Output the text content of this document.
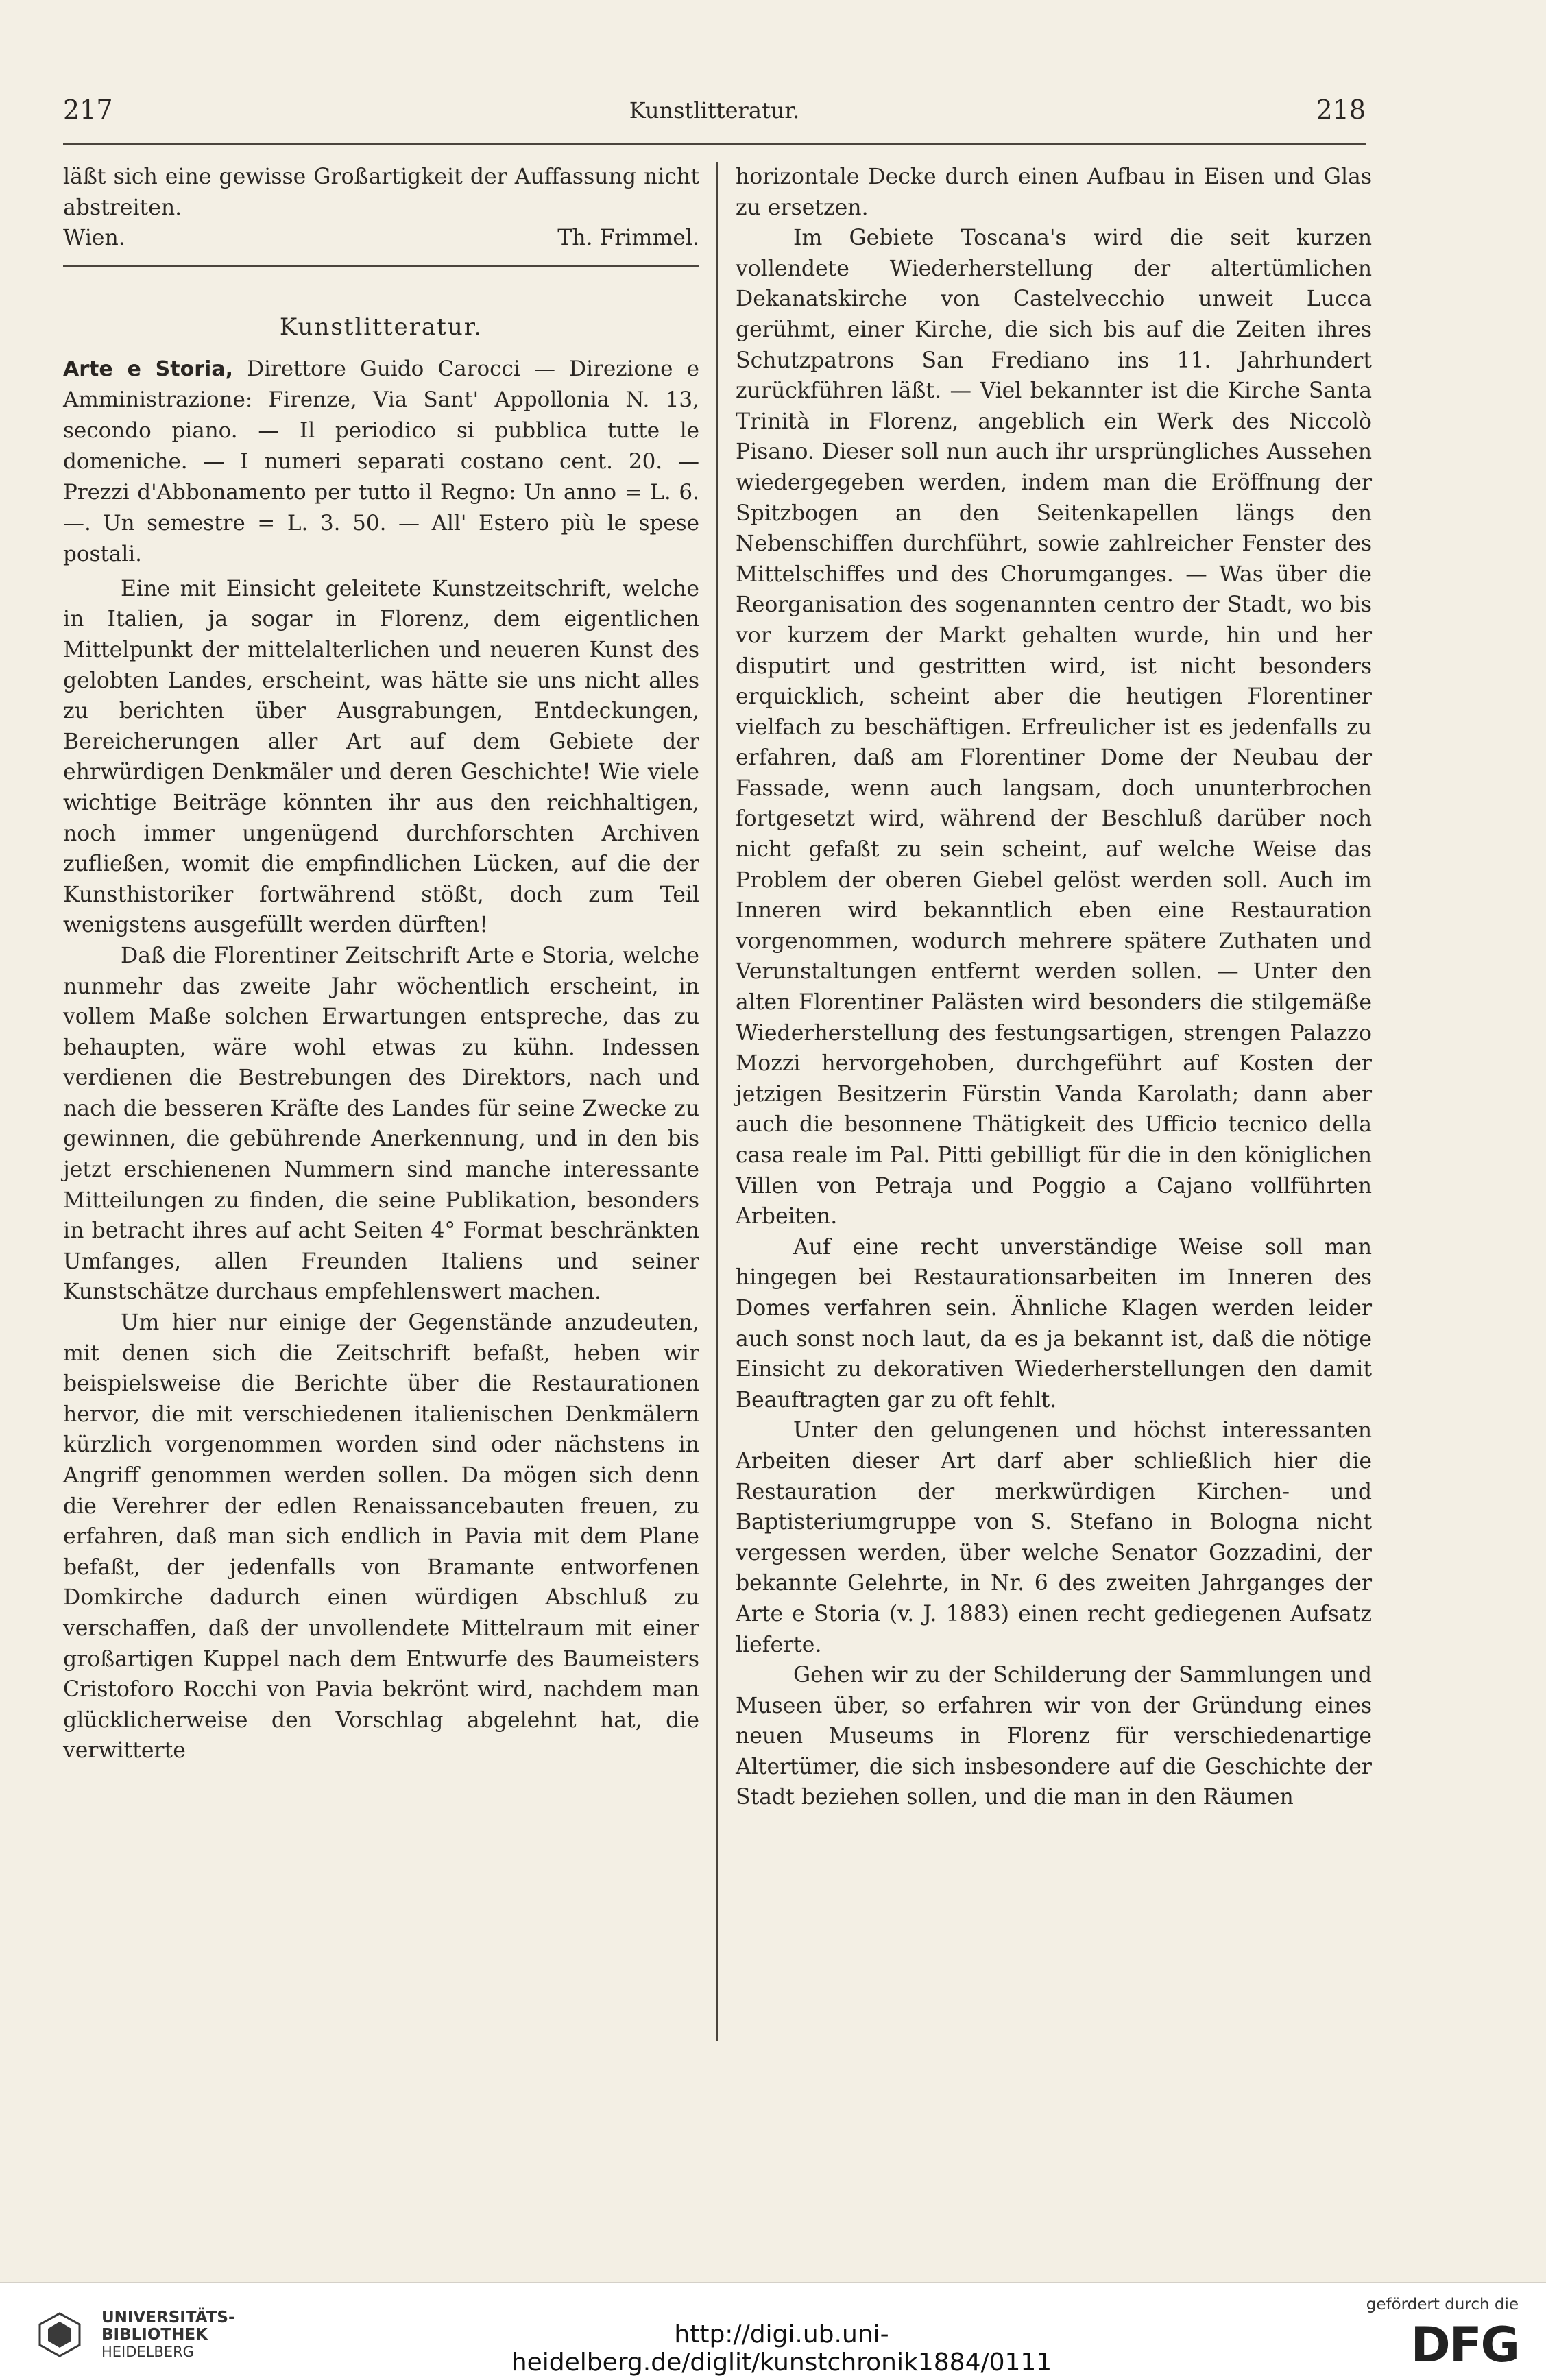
217	Kunstlitteratur.	218

läßt sich eine gewisse Großartigkeit der Auffassung nicht abstreiten.

Wien.	Th. Frimmel.
Kunstlitteratur.
Arte e Storia, Direttore Guido Carocci — Direzione e Amministrazione: Firenze, Via Sant' Appollonia N. 13, secondo piano. — Il periodico si pubblica tutte le domeniche. — I numeri separati costano cent. 20. — Prezzi d'Abbonamento per tutto il Regno: Un anno = L. 6. —. Un semestre = L. 3. 50. — All' Estero più le spese postali.

Eine mit Einsicht geleitete Kunstzeitschrift, welche in Italien, ja sogar in Florenz, dem eigentlichen Mittelpunkt der mittelalterlichen und neueren Kunst des gelobten Landes, erscheint, was hätte sie uns nicht alles zu berichten über Ausgrabungen, Entdeckungen, Bereicherungen aller Art auf dem Gebiete der ehrwürdigen Denkmäler und deren Geschichte! Wie viele wichtige Beiträge könnten ihr aus den reichhaltigen, noch immer ungenügend durchforschten Archiven zufließen, womit die empfindlichen Lücken, auf die der Kunsthistoriker fortwährend stößt, doch zum Teil wenigstens ausgefüllt werden dürften!

Daß die Florentiner Zeitschrift Arte e Storia, welche nunmehr das zweite Jahr wöchentlich erscheint, in vollem Maße solchen Erwartungen entspreche, das zu behaupten, wäre wohl etwas zu kühn. Indessen verdienen die Bestrebungen des Direktors, nach und nach die besseren Kräfte des Landes für seine Zwecke zu gewinnen, die gebührende Anerkennung, und in den bis jetzt erschienenen Nummern sind manche interessante Mitteilungen zu finden, die seine Publikation, besonders in betracht ihres auf acht Seiten 4° Format beschränkten Umfanges, allen Freunden Italiens und seiner Kunstschätze durchaus empfehlenswert machen.

Um hier nur einige der Gegenstände anzudeuten, mit denen sich die Zeitschrift befaßt, heben wir beispielsweise die Berichte über die Restaurationen hervor, die mit verschiedenen italienischen Denkmälern kürzlich vorgenommen worden sind oder nächstens in Angriff genommen werden sollen. Da mögen sich denn die Verehrer der edlen Renaissancebauten freuen, zu erfahren, daß man sich endlich in Pavia mit dem Plane befaßt, der jedenfalls von Bramante entworfenen Domkirche dadurch einen würdigen Abschluß zu verschaffen, daß der unvollendete Mittelraum mit einer großartigen Kuppel nach dem Entwurfe des Baumeisters Cristoforo Rocchi von Pavia bekrönt wird, nachdem man glücklicherweise den Vorschlag abgelehnt hat, die verwitterte

horizontale Decke durch einen Aufbau in Eisen und Glas zu ersetzen.

Im Gebiete Toscana's wird die seit kurzen vollendete Wiederherstellung der altertümlichen Dekanatskirche von Castelvecchio unweit Lucca gerühmt, einer Kirche, die sich bis auf die Zeiten ihres Schutzpatrons San Frediano ins 11. Jahrhundert zurückführen läßt. — Viel bekannter ist die Kirche Santa Trinità in Florenz, angeblich ein Werk des Niccolò Pisano. Dieser soll nun auch ihr ursprüngliches Aussehen wiedergegeben werden, indem man die Eröffnung der Spitzbogen an den Seitenkapellen längs den Nebenschiffen durchführt, sowie zahlreicher Fenster des Mittelschiffes und des Chorumganges. — Was über die Reorganisation des sogenannten centro der Stadt, wo bis vor kurzem der Markt gehalten wurde, hin und her disputirt und gestritten wird, ist nicht besonders erquicklich, scheint aber die heutigen Florentiner vielfach zu beschäftigen. Erfreulicher ist es jedenfalls zu erfahren, daß am Florentiner Dome der Neubau der Fassade, wenn auch langsam, doch ununterbrochen fortgesetzt wird, während der Beschluß darüber noch nicht gefaßt zu sein scheint, auf welche Weise das Problem der oberen Giebel gelöst werden soll. Auch im Inneren wird bekanntlich eben eine Restauration vorgenommen, wodurch mehrere spätere Zuthaten und Verunstaltungen entfernt werden sollen. — Unter den alten Florentiner Palästen wird besonders die stilgemäße Wiederherstellung des festungsartigen, strengen Palazzo Mozzi hervorgehoben, durchgeführt auf Kosten der jetzigen Besitzerin Fürstin Vanda Karolath; dann aber auch die besonnene Thätigkeit des Ufficio tecnico della casa reale im Pal. Pitti gebilligt für die in den königlichen Villen von Petraja und Poggio a Cajano vollführten Arbeiten.

Auf eine recht unverständige Weise soll man hingegen bei Restaurationsarbeiten im Inneren des Domes verfahren sein. Ähnliche Klagen werden leider auch sonst noch laut, da es ja bekannt ist, daß die nötige Einsicht zu dekorativen Wiederherstellungen den damit Beauftragten gar zu oft fehlt.

Unter den gelungenen und höchst interessanten Arbeiten dieser Art darf aber schließlich hier die Restauration der merkwürdigen Kirchen- und Baptisteriumgruppe von S. Stefano in Bologna nicht vergessen werden, über welche Senator Gozzadini, der bekannte Gelehrte, in Nr. 6 des zweiten Jahrganges der Arte e Storia (v. J. 1883) einen recht gediegenen Aufsatz lieferte.

Gehen wir zu der Schilderung der Sammlungen und Museen über, so erfahren wir von der Gründung eines neuen Museums in Florenz für verschiedenartige Altertümer, die sich insbesondere auf die Geschichte der Stadt beziehen sollen, und die man in den Räumen

UNIVERSITÄTS-
BIBLIOTHEK
HEIDELBERG
http://digi.ub.uni-heidelberg.de/diglit/kunstchronik1884/0111
gefördert durch die
DFG
